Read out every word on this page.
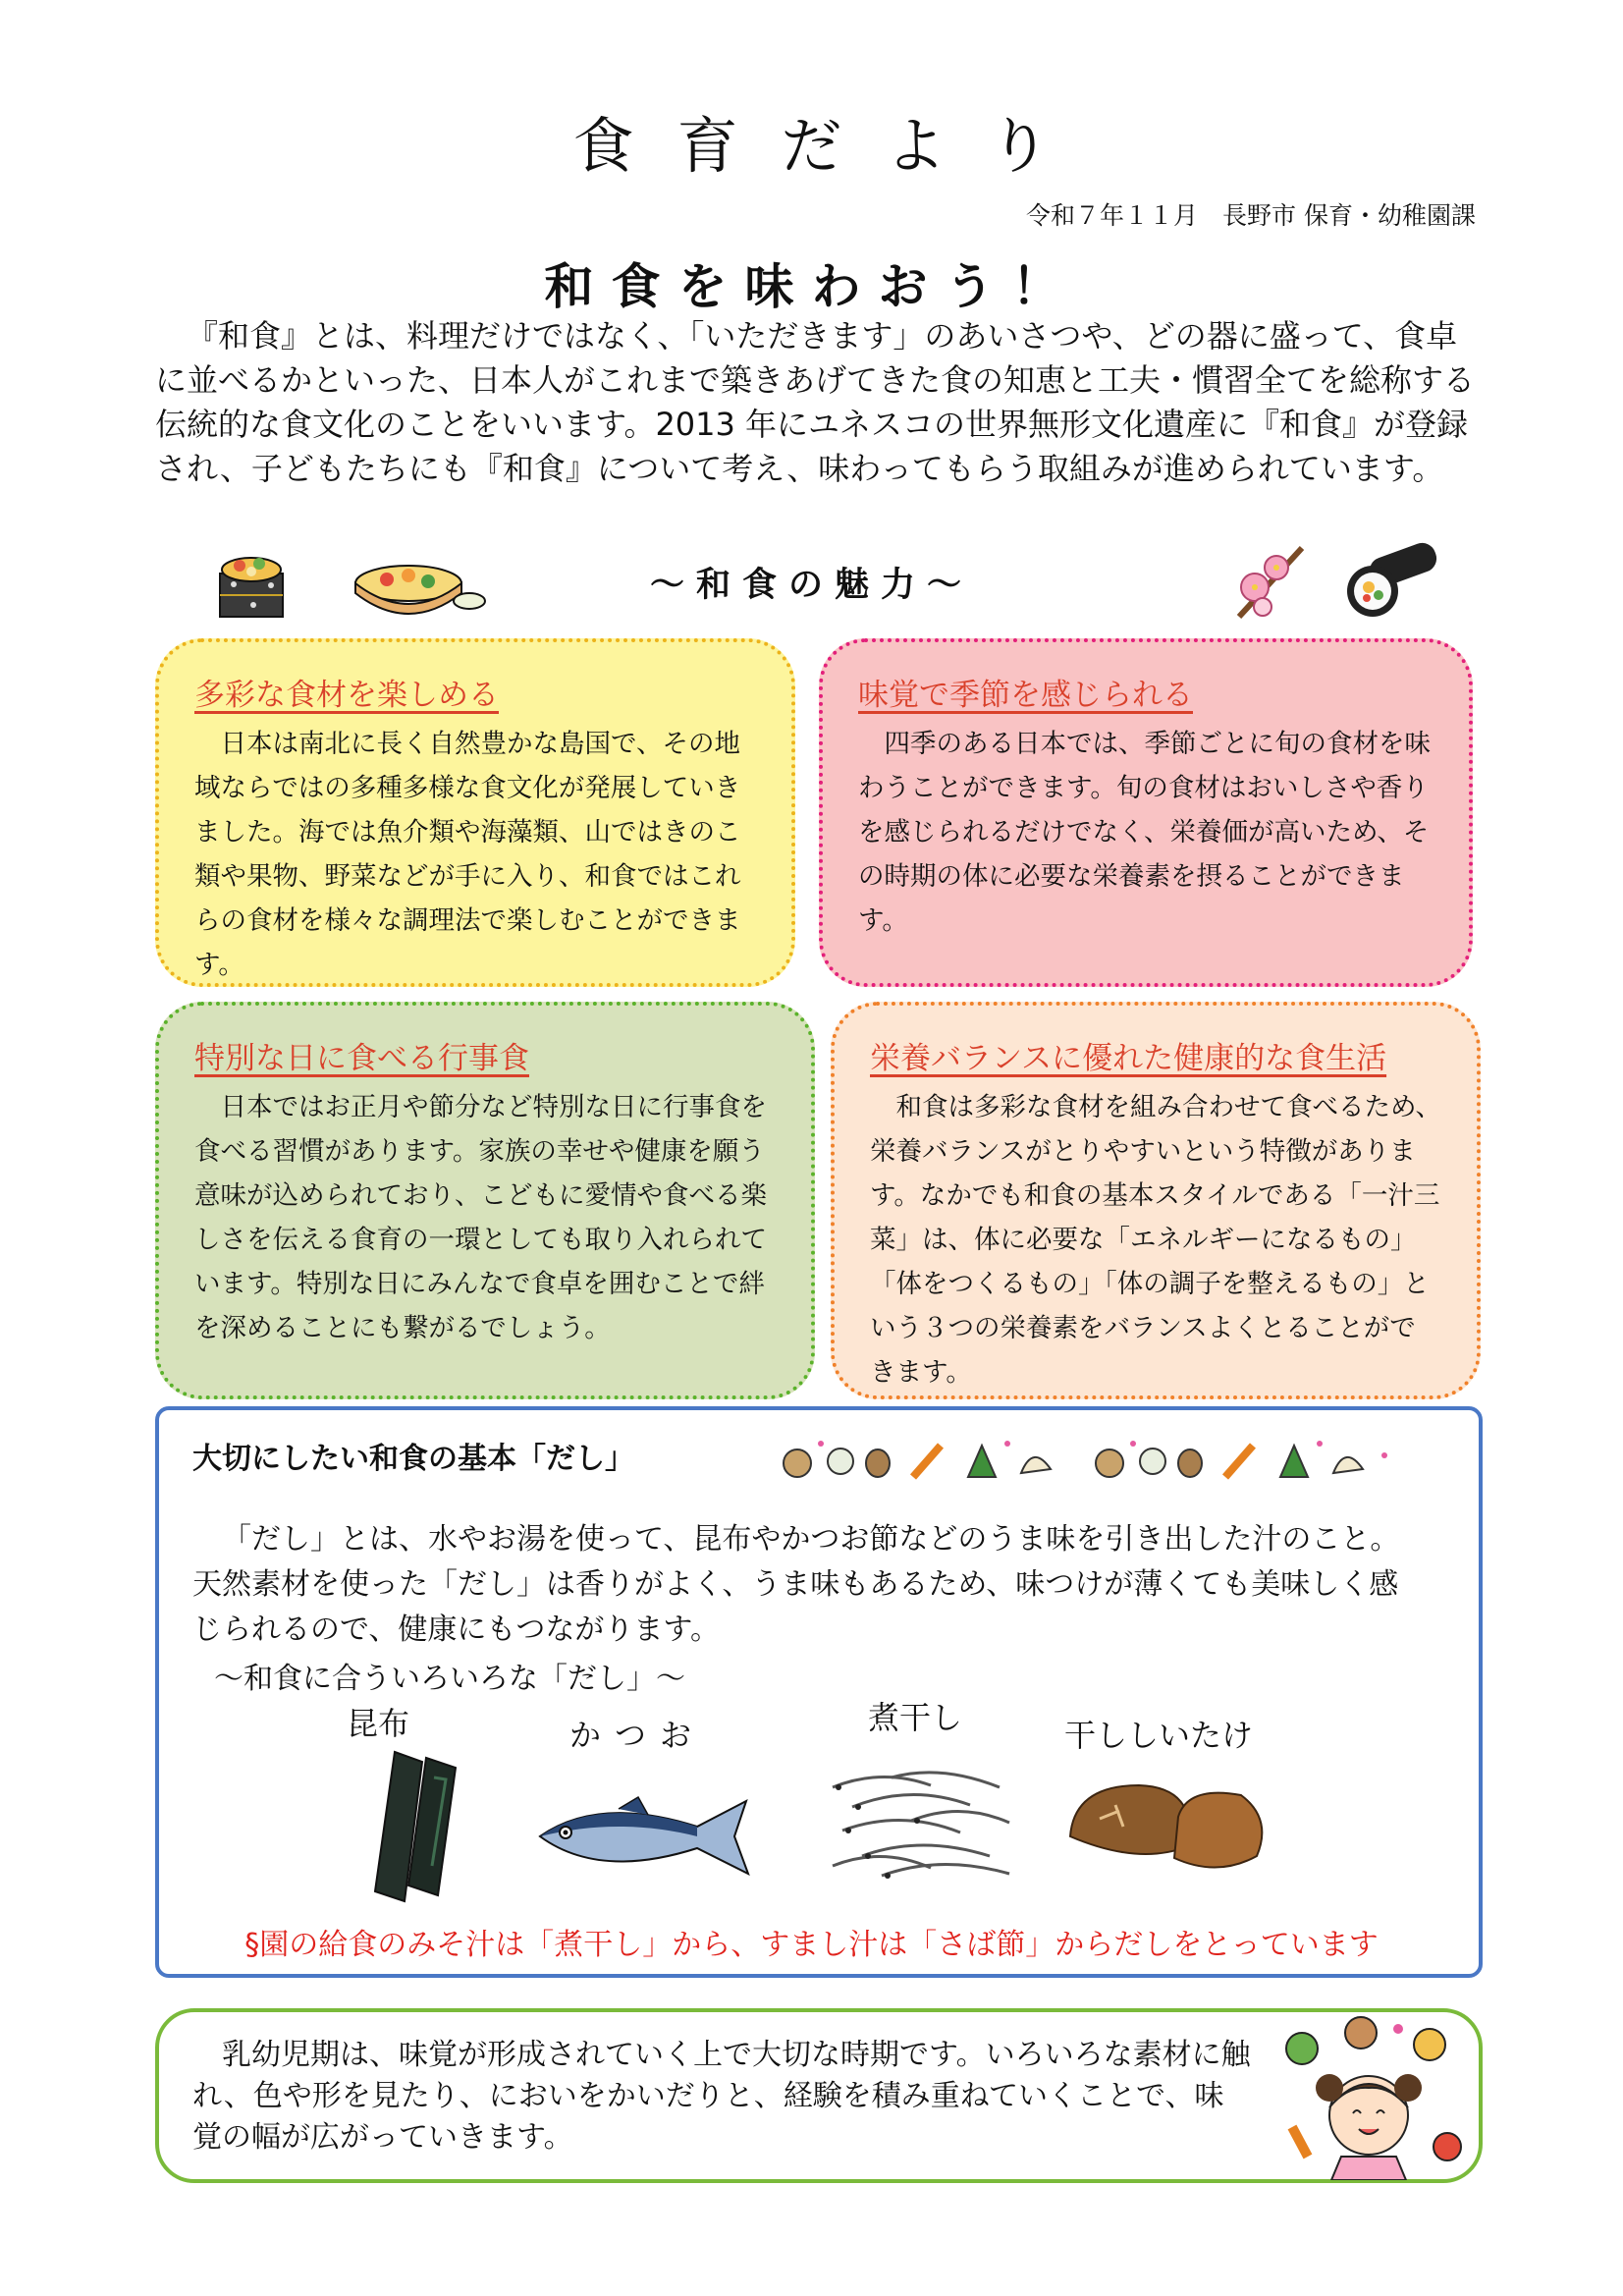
食育だより
令和７年１１月　長野市 保育・幼稚園課
和食を味わおう！

『和食』とは、料理だけではなく、「いただきます」のあいさつや、どの器に盛って、食卓に並べるかといった、日本人がこれまで築きあげてきた食の知恵と工夫・慣習全てを総称する伝統的な食文化のことをいいます。2013 年にユネスコの世界無形文化遺産に『和食』が登録され、子どもたちにも『和食』について考え、味わってもらう取組みが進められています。

～和食の魅力～
多彩な食材を楽しめる

日本は南北に長く自然豊かな島国で、その地域ならではの多種多様な食文化が発展していきました。海では魚介類や海藻類、山ではきのこ類や果物、野菜などが手に入り、和食ではこれらの食材を様々な調理法で楽しむことができます。

味覚で季節を感じられる

四季のある日本では、季節ごとに旬の食材を味わうことができます。旬の食材はおいしさや香りを感じられるだけでなく、栄養価が高いため、その時期の体に必要な栄養素を摂ることができます。

特別な日に食べる行事食

日本ではお正月や節分など特別な日に行事食を食べる習慣があります。家族の幸せや健康を願う意味が込められており、こどもに愛情や食べる楽しさを伝える食育の一環としても取り入れられています。特別な日にみんなで食卓を囲むことで絆を深めることにも繋がるでしょう。

栄養バランスに優れた健康的な食生活

和食は多彩な食材を組み合わせて食べるため、栄養バランスがとりやすいという特徴があります。なかでも和食の基本スタイルである「一汁三菜」は、体に必要な「エネルギーになるもの」「体をつくるもの」「体の調子を整えるもの」という３つの栄養素をバランスよくとることができます。

大切にしたい和食の基本「だし」

「だし」とは、水やお湯を使って、昆布やかつお節などのうま味を引き出した汁のこと。天然素材を使った「だし」は香りがよく、うま味もあるため、味つけが薄くても美味しく感じられるので、健康にもつながります。

～和食に合ういろいろな「だし」～
昆布	かつお	煮干し	干ししいたけ
§園の給食のみそ汁は「煮干し」から、すまし汁は「さば節」からだしをとっています

乳幼児期は、味覚が形成されていく上で大切な時期です。いろいろな素材に触れ、色や形を見たり、においをかいだりと、経験を積み重ねていくことで、味覚の幅が広がっていきます。
